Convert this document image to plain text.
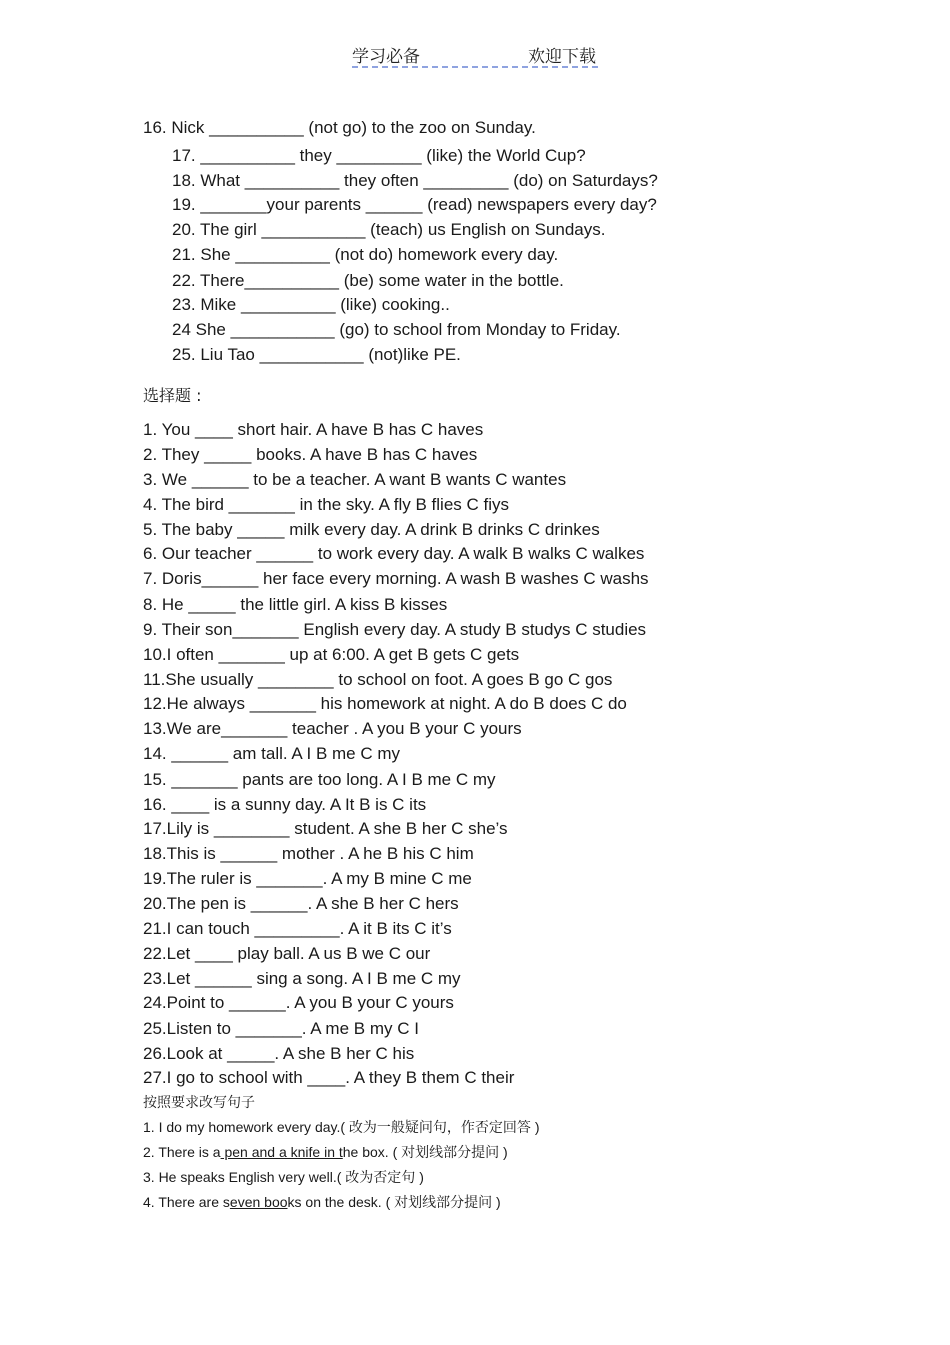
学习必备	欢迎下载
16. Nick __________ (not go) to the zoo on Sunday.
17. __________ they _________ (like) the World Cup?
18. What __________ they often _________ (do) on Saturdays?
19. _______your parents ______ (read) newspapers every day?
20. The girl ___________ (teach) us English on Sundays.
21. She __________ (not do) homework every day.
22. There__________ (be) some water in the bottle.
23. Mike __________ (like) cooking..
24 She ___________ (go) to school from Monday to Friday.
25. Liu Tao ___________ (not)like PE.
选择题 :
1. You ____ short hair. A have B has C haves
2. They _____ books. A have B has C haves
3. We ______ to be a teacher. A want B wants C wantes
4. The bird _______ in the sky. A fly B flies C fiys
5. The baby _____ milk every day. A drink B drinks C drinkes
6. Our teacher ______ to work every day. A walk B walks C walkes
7. Doris______ her face every morning. A wash B washes C washs
8. He _____ the little girl. A kiss B kisses
9. Their son_______ English every day. A study B studys C studies
10.I often _______ up at 6:00. A get B gets C gets
11.She usually ________ to school on foot. A goes B go C gos
12.He always _______ his homework at night. A do B does C do
13.We are_______ teacher . A you B your C yours
14. ______ am tall. A I B me C my
15. _______ pants are too long. A I B me C my
16. ____ is a sunny day. A It B is C its
17.Lily is ________ student. A she B her C she’s
18.This is ______ mother . A he B his C him
19.The ruler is _______. A my B mine C me
20.The pen is ______. A she B her C hers
21.I can touch _________. A it B its C it’s
22.Let ____ play ball. A us B we C our
23.Let ______ sing a song. A I B me C my
24.Point to ______. A you B your C yours
25.Listen to _______. A me B my C I
26.Look at _____. A she B her C his
27.I go to school with ____. A they B them C their
按照要求改写句子
1. I do my homework every day.( 改为一般疑问句，作否定回答 )
2. There is a pen and a knife in the box. ( 对划线部分提问 )
3. He speaks English very well.( 改为否定句 )
4. There are seven books on the desk. ( 对划线部分提问 )
